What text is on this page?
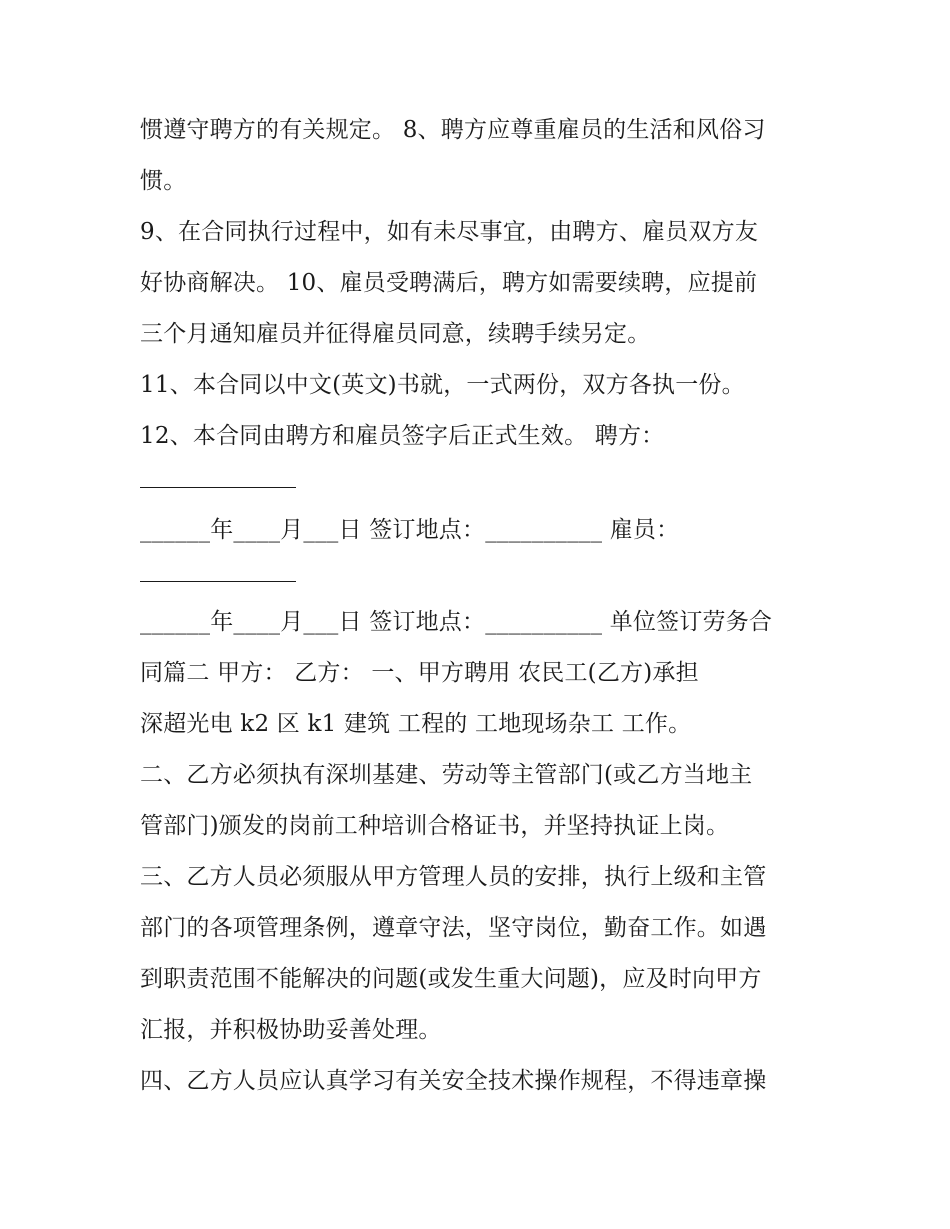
惯遵守聘方的有关规定。 8、聘方应尊重雇员的生活和风俗习
惯。
9、在合同执行过程中，如有未尽事宜，由聘方、雇员双方友
好协商解决。 10、雇员受聘满后，聘方如需要续聘，应提前
三个月通知雇员并征得雇员同意，续聘手续另定。
11、本合同以中文(英文)书就，一式两份，双方各执一份。
12、本合同由聘方和雇员签字后正式生效。 聘方：
______年____月___日 签订地点：__________ 雇员：
______年____月___日 签订地点：__________ 单位签订劳务合
同篇二 甲方： 乙方： 一、甲方聘用 农民工(乙方)承担
深超光电 k2 区 k1 建筑 工程的 工地现场杂工 工作。
二、乙方必须执有深圳基建、劳动等主管部门(或乙方当地主
管部门)颁发的岗前工种培训合格证书，并坚持执证上岗。
三、乙方人员必须服从甲方管理人员的安排，执行上级和主管
部门的各项管理条例，遵章守法，坚守岗位，勤奋工作。如遇
到职责范围不能解决的问题(或发生重大问题)，应及时向甲方
汇报，并积极协助妥善处理。
四、乙方人员应认真学习有关安全技术操作规程，不得违章操
